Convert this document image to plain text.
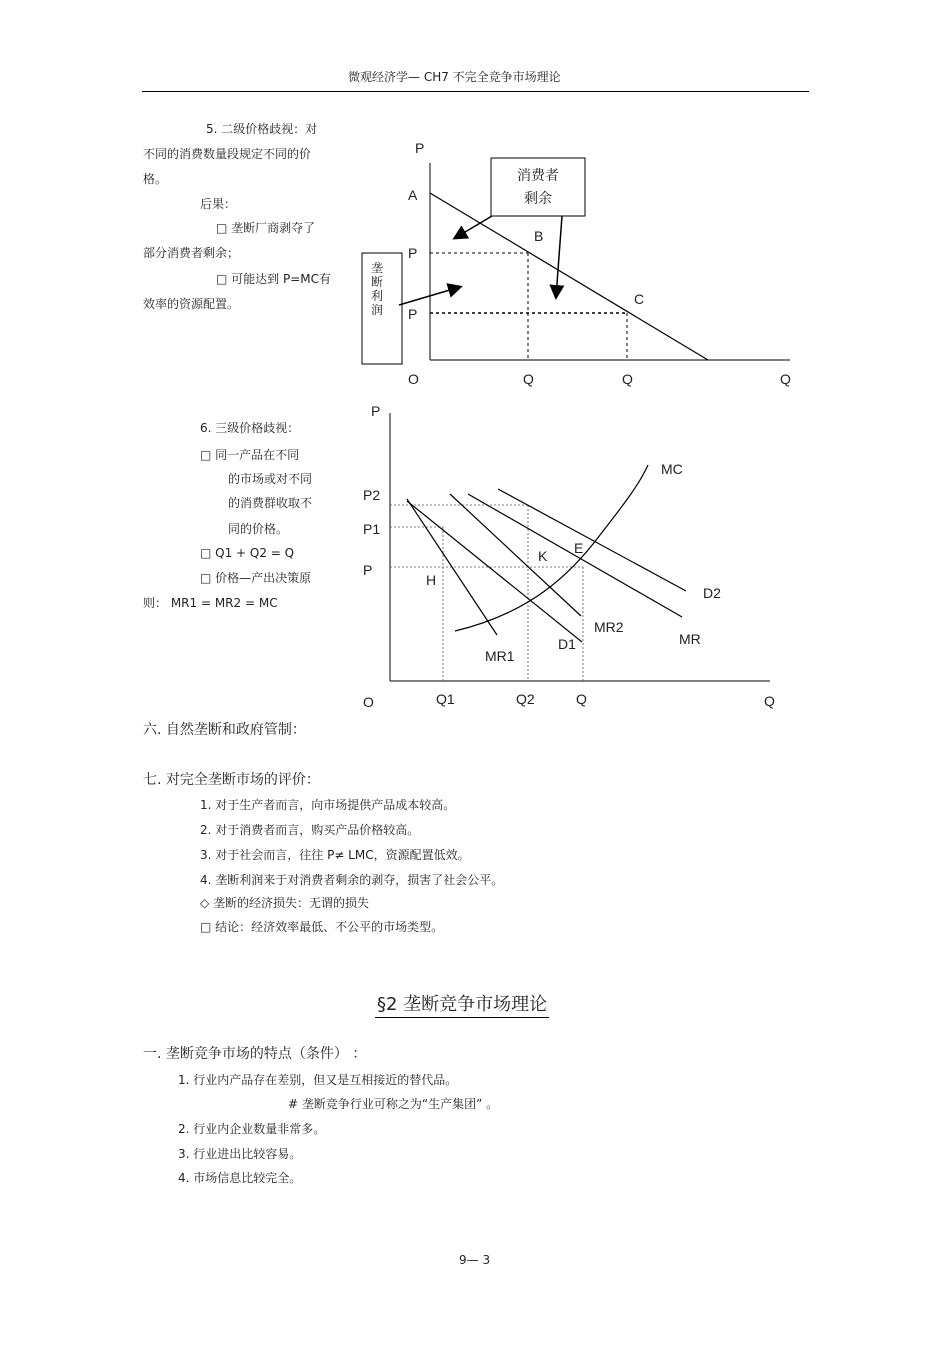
微观经济学— CH7 不完全竞争市场理论
5. 二级价格歧视：对
不同的消费数量段规定不同的价
格。
后果：
□ 垄断厂商剥夺了
部分消费者剩余；
□ 可能达到 P=MC有
效率的资源配置。
消费者
剩余
垄
断
利
润
P
A
P
P
B
C
O	Q	Q	Q
6. 三级价格歧视：
□ 同一产品在不同
的市场或对不同
的消费群收取不
同的价格。
□ Q1 + Q2 = Q
□ 价格—产出决策原
则： MR1 = MR2 = MC
P
P2
P1
P
O	Q1	Q2	Q	Q
MC
E
K
H
D2
MR
MR2
D1
MR1
六. 自然垄断和政府管制：
七. 对完全垄断市场的评价：
1. 对于生产者而言，向市场提供产品成本较高。
2. 对于消费者而言，购买产品价格较高。
3. 对于社会而言，往往 P≠ LMC，资源配置低效。
4. 垄断利润来于对消费者剩余的剥夺，损害了社会公平。
◇ 垄断的经济损失：无谓的损失
□ 结论：经济效率最低、不公平的市场类型。
§2 垄断竞争市场理论
一. 垄断竞争市场的特点（条件） ：
1. 行业内产品存在差别，但又是互相接近的替代品。
# 垄断竞争行业可称之为“生产集团” 。
2. 行业内企业数量非常多。
3. 行业进出比较容易。
4. 市场信息比较完全。
9— 3
